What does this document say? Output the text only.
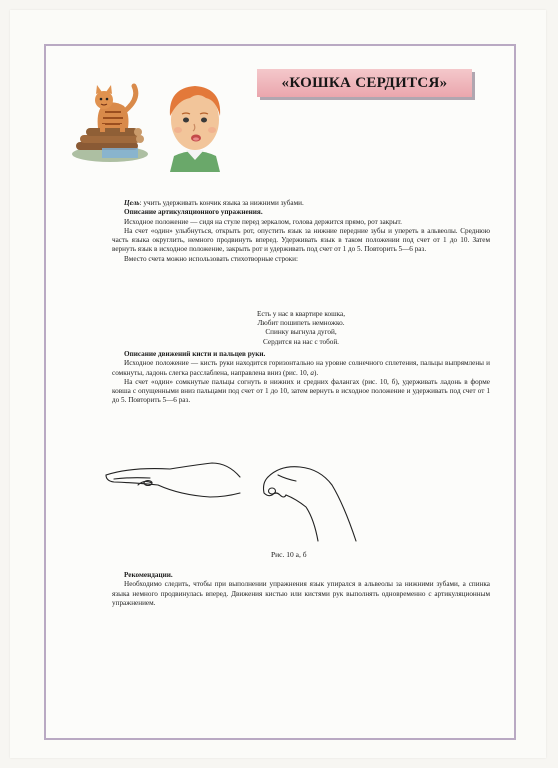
«КОШКА СЕРДИТСЯ»

Цель: учить удерживать кончик языка за нижними зубами.

Описание артикуляционного упражнения.

Исходное положение — сидя на стуле перед зеркалом, голова держится прямо, рот закрыт.

На счет «один» улыбнуться, открыть рот, опустить язык за нижние передние зубы и упереть в альвеолы. Среднюю часть языка округлить, немного продвинуть вперед. Удерживать язык в таком положении под счет от 1 до 10. Затем вернуть язык в исходное положение, закрыть рот и удерживать под счет от 1 до 5. Повторить 5—6 раз.

Вместо счета можно использовать стихотворные строки:

Есть у нас в квартире кошка,
Любит пошипеть немножко.
Спинку выгнула дугой,
Сердится на нас с тобой.

Описание движений кисти и пальцев руки.

Исходное положение — кисть руки находится горизонтально на уровне солнечного сплетения, пальцы выпрямлены и сомкнуты, ладонь слегка расслаблена, направлена вниз (рис. 10, а).

На счет «один» сомкнутые пальцы согнуть в нижних и средних фалангах (рис. 10, б), удерживать ладонь в форме ковша с опущенными вниз пальцами под счет от 1 до 10, затем вернуть в исходное положение и удерживать под счет от 1 до 5. Повторить 5—6 раз.

Рис. 10 а, б

Рекомендации.

Необходимо следить, чтобы при выполнении упражнения язык упирался в альвеолы за нижними зубами, а спинка языка немного продвинулась вперед. Движения кистью или кистями рук выполнять одновременно с артикуляционным упражнением.
